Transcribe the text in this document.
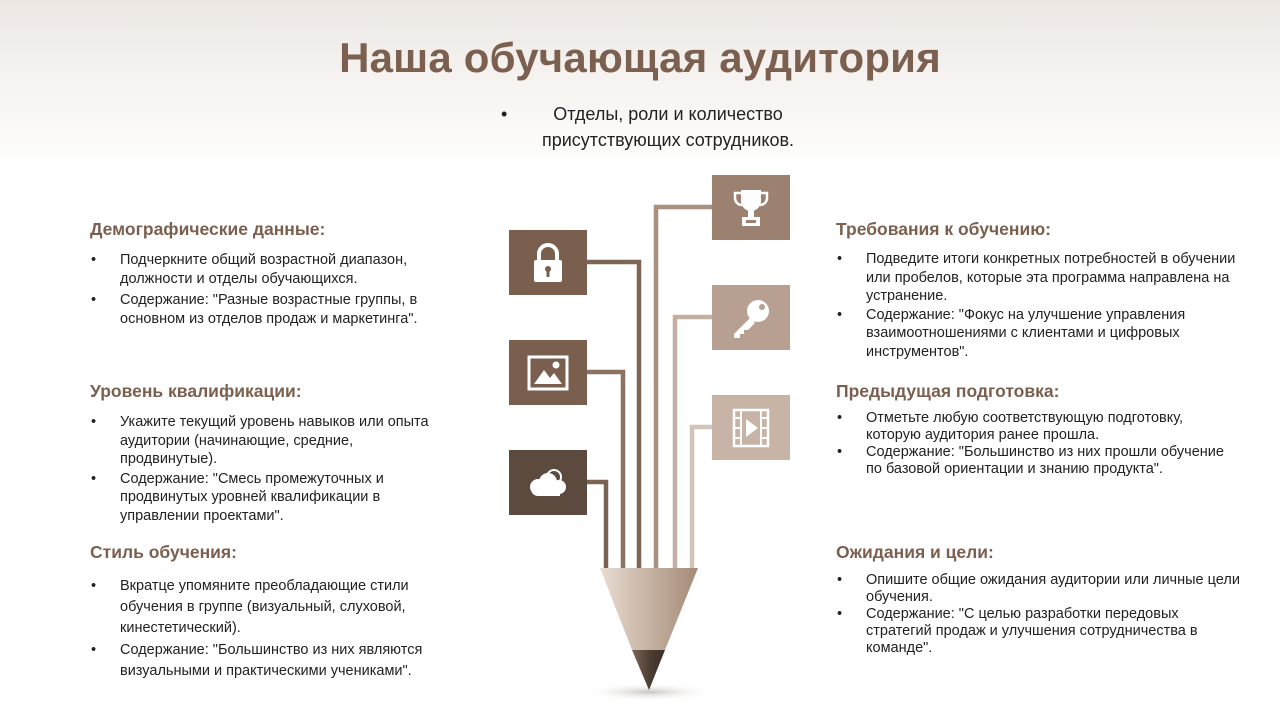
Наша обучающая аудитория
•	Отделы, роли и количество присутствующих сотрудников.
Демографические данные:
• Подчеркните общий возрастной диапазон, должности и отделы обучающихся.
• Содержание: "Разные возрастные группы, в основном из отделов продаж и маркетинга".
Уровень квалификации:
• Укажите текущий уровень навыков или опыта аудитории (начинающие, средние, продвинутые).
• Содержание: "Смесь промежуточных и продвинутых уровней квалификации в управлении проектами".
Стиль обучения:
• Вкратце упомяните преобладающие стили обучения в группе (визуальный, слуховой, кинестетический).
• Содержание: "Большинство из них являются визуальными и практическими учениками".
Требования к обучению:
• Подведите итоги конкретных потребностей в обучении или пробелов, которые эта программа направлена на устранение.
• Содержание: "Фокус на улучшение управления взаимоотношениями с клиентами и цифровых инструментов".
Предыдущая подготовка:
• Отметьте любую соответствующую подготовку, которую аудитория ранее прошла.
• Содержание: "Большинство из них прошли обучение по базовой ориентации и знанию продукта".
Ожидания и цели:
• Опишите общие ожидания аудитории или личные цели обучения.
• Содержание: "С целью разработки передовых стратегий продаж и улучшения сотрудничества в команде".
